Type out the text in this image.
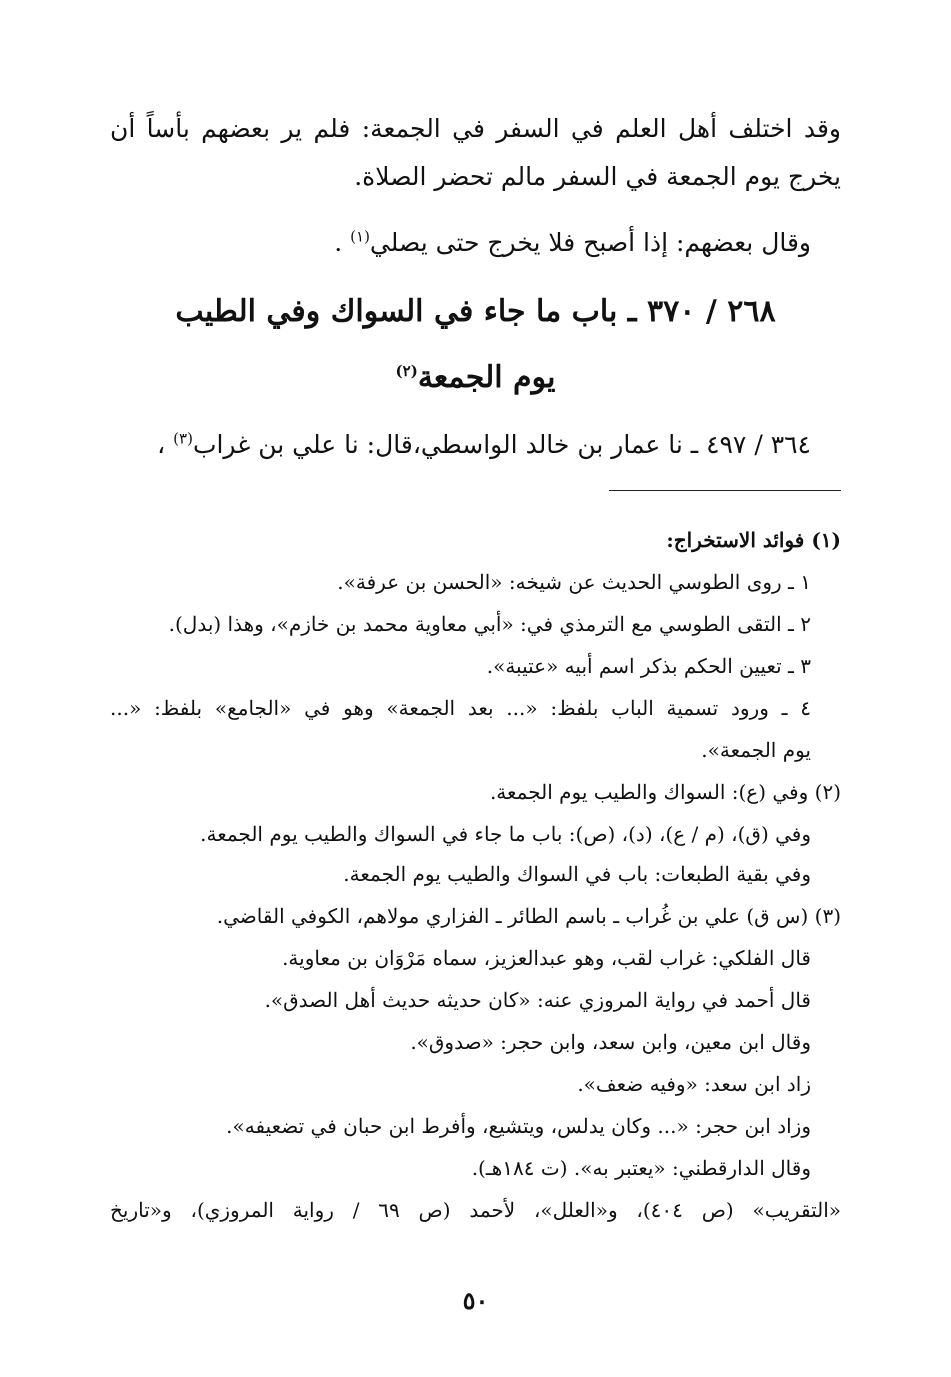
وقد اختلف أهل العلم في السفر في الجمعة: فلم ير بعضهم بأساً أن
يخرج يوم الجمعة في السفر مالم تحضر الصلاة.
وقال بعضهم: إذا أصبح فلا يخرج حتى يصلي$^{(١)}$ .
٢٦٨ / ٣٧٠ ـ باب ما جاء في السواك وفي الطيب
يوم الجمعة$^{(٢)}$
٣٦٤ / ٤٩٧ ـ نا عمار بن خالد الواسطي،قال: نا علي بن غراب$^{(٣)}$ ،
(١) فوائد الاستخراج:
١ ـ روى الطوسي الحديث عن شيخه: «الحسن بن عرفة».
٢ ـ التقى الطوسي مع الترمذي في: «أبي معاوية محمد بن خازم»، وهذا (بدل).
٣ ـ تعيين الحكم بذكر اسم أبيه «عتيبة».
٤ ـ ورود تسمية الباب بلفظ: «... بعد الجمعة» وهو في «الجامع» بلفظ: «...
يوم الجمعة».
(٢) وفي (ع): السواك والطيب يوم الجمعة.
وفي (ق)، (م / ع)، (د)، (ص): باب ما جاء في السواك والطيب يوم الجمعة.
وفي بقية الطبعات: باب في السواك والطيب يوم الجمعة.
(٣) (س ق) علي بن غُراب ـ باسم الطائر ـ الفزاري مولاهم، الكوفي القاضي.
قال الفلكي: غراب لقب، وهو عبدالعزيز، سماه مَرْوَان بن معاوية.
قال أحمد في رواية المروزي عنه: «كان حديثه حديث أهل الصدق».
وقال ابن معين، وابن سعد، وابن حجر: «صدوق».
زاد ابن سعد: «وفيه ضعف».
وزاد ابن حجر: «... وكان يدلس، ويتشيع، وأفرط ابن حبان في تضعيفه».
وقال الدارقطني: «يعتبر به». (ت ١٨٤هـ).
«التقريب» (ص ٤٠٤)، و«العلل»، لأحمد (ص ٦٩ / رواية المروزي)، و«تاريخ
٥٠
